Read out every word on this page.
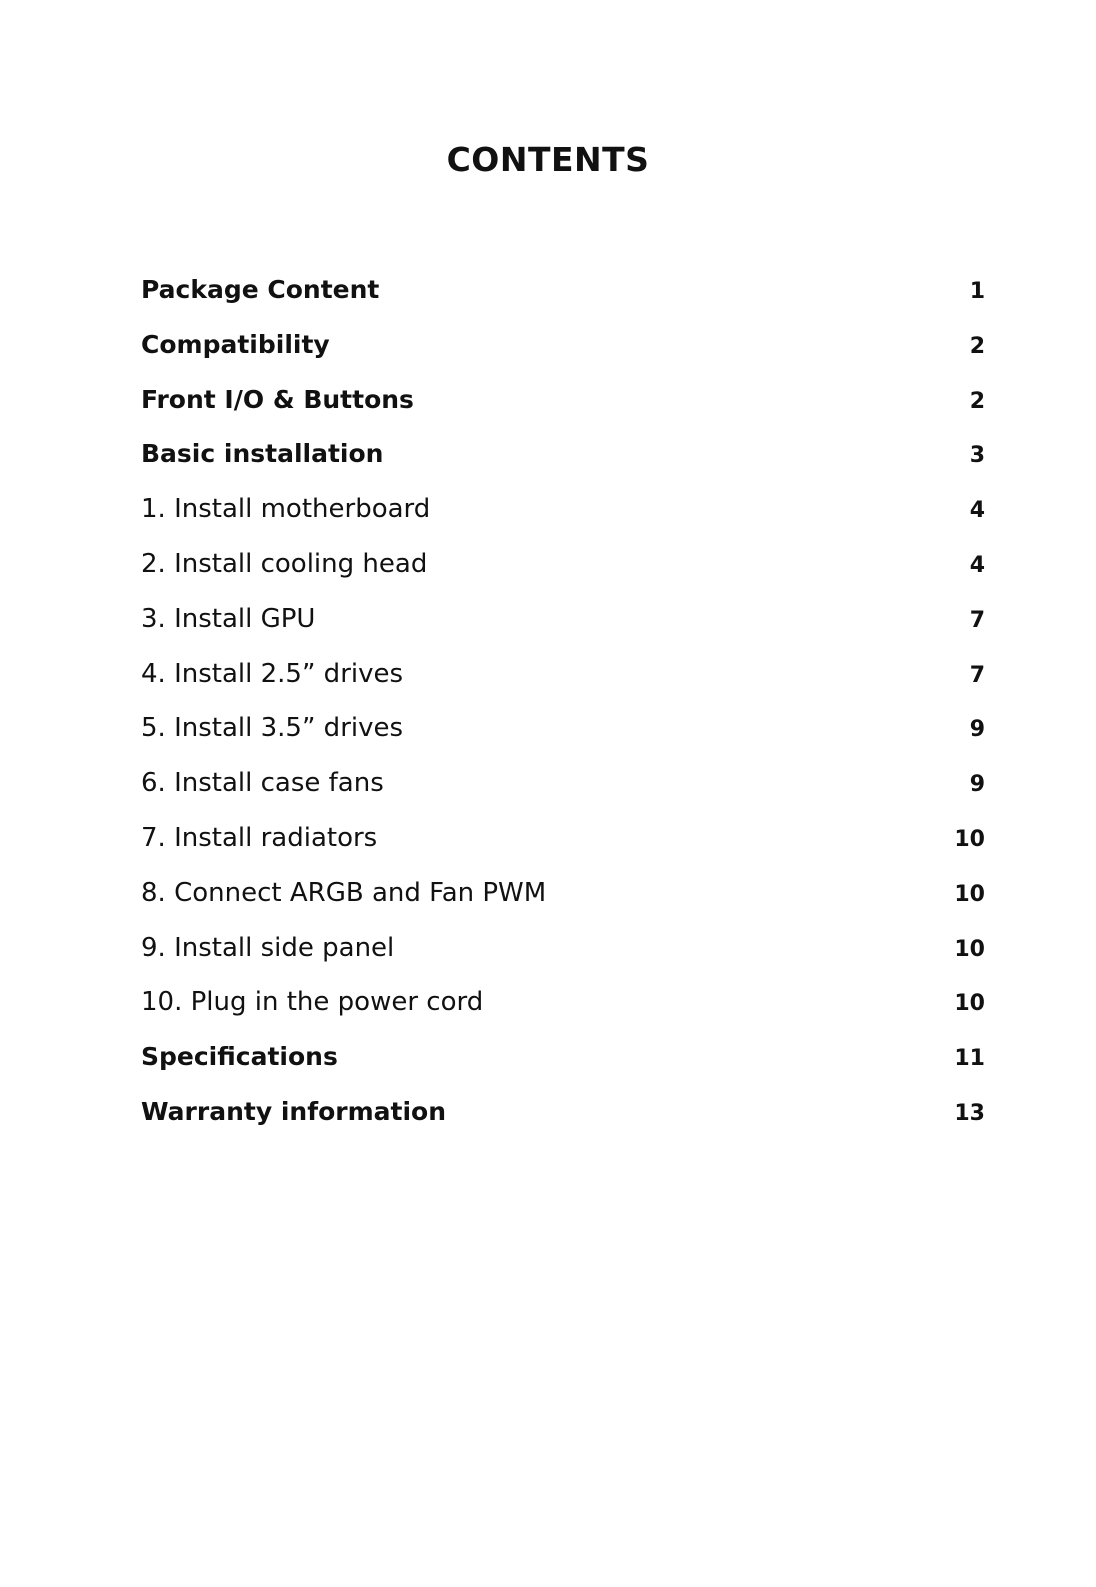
CONTENTS
Package Content	1
Compatibility	2
Front I/O & Buttons	2
Basic installation	3
1. Install motherboard	4
2. Install cooling head	4
3. Install GPU	7
4. Install 2.5” drives	7
5. Install 3.5” drives	9
6. Install case fans	9
7. Install radiators	10
8. Connect ARGB and Fan PWM	10
9. Install side panel	10
10. Plug in the power cord	10
Specifications	11
Warranty information	13
